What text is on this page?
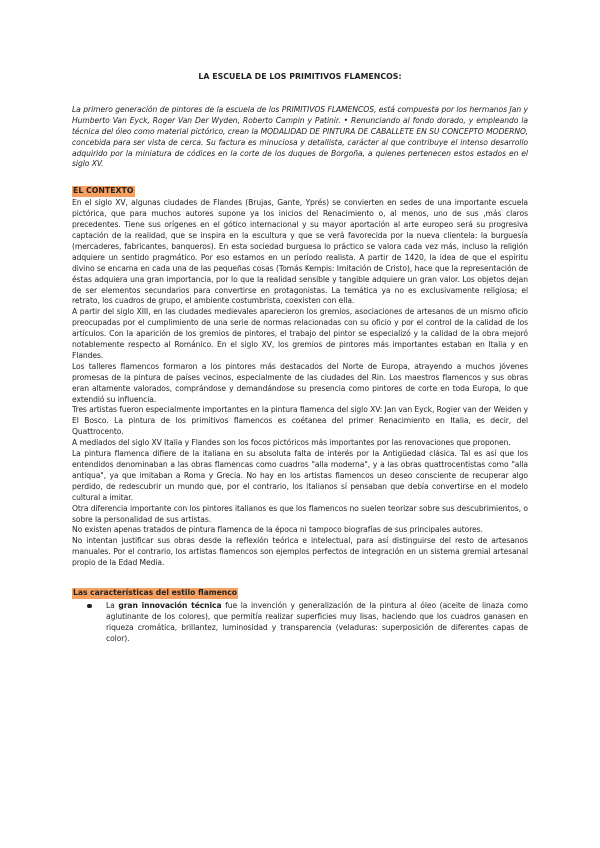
LA ESCUELA DE LOS PRIMITIVOS FLAMENCOS:

La primero generación de pintores de la escuela de los PRIMITIVOS FLAMENCOS, está compuesta por los hermanos Jan y Humberto Van Eyck, Roger Van Der Wyden, Roberto Campin y Patinir. • Renunciando al fondo dorado, y empleando la técnica del óleo como material pictórico, crean la MODALIDAD DE PINTURA DE CABALLETE EN SU CONCEPTO MODERNO, concebida para ser vista de cerca. Su factura es minuciosa y detallista, carácter al que contribuye el intenso desarrollo adquirido por la miniatura de códices en la corte de los duques de Borgoña, a quienes pertenecen estos estados en el siglo XV.

EL CONTEXTO

En el siglo XV, algunas ciudades de Flandes (Brujas, Gante, Yprés) se convierten en sedes de una importante escuela pictórica, que para muchos autores supone ya los inicios del Renacimiento o, al menos, uno de sus ,más claros precedentes. Tiene sus orígenes en el gótico internacional y su mayor aportación al arte europeo será su progresiva captación de la realidad, que se inspira en la escultura y que se verá favorecida por la nueva clientela: la burguesía (mercaderes, fabricantes, banqueros). En esta sociedad burguesa lo práctico se valora cada vez más, incluso la religión adquiere un sentido pragmático. Por eso estamos en un período realista. A partir de 1420, la idea de que el espíritu divino se encarna en cada una de las pequeñas cosas (Tomás Kempis: Imitación de Cristo), hace que la representación de éstas adquiera una gran importancia, por lo que la realidad sensible y tangible adquiere un gran valor. Los objetos dejan de ser elementos secundarios para convertirse en protagonistas. La temática ya no es exclusivamente religiosa; el retrato, los cuadros de grupo, el ambiente costumbrista, coexisten con ella.

A partir del siglo XIII, en las ciudades medievales aparecieron los gremios, asociaciones de artesanos de un mismo oficio preocupadas por el cumplimiento de una serie de normas relacionadas con su oficio y por el control de la calidad de los artículos. Con la aparición de los gremios de pintores, el trabajo del pintor se especializó y la calidad de la obra mejoró notablemente respecto al Románico. En el siglo XV, los gremios de pintores más importantes estaban en Italia y en Flandes.

Los talleres flamencos formaron a los pintores más destacados del Norte de Europa, atrayendo a muchos jóvenes promesas de la pintura de países vecinos, especialmente de las ciudades del Rin. Los maestros flamencos y sus obras eran altamente valorados, comprándose y demandándose su presencia como pintores de corte en toda Europa, lo que extendió su influencia.

Tres artistas fueron especialmente importantes en la pintura flamenca del siglo XV: Jan van Eyck, Rogier van der Weiden y El Bosco. La pintura de los primitivos flamencos es coétanea del primer Renacimiento en Italia, es decir, del Quattrocento.

A mediados del siglo XV Italia y Flandes son los focos pictóricos más importantes por las renovaciones que proponen.

La pintura flamenca difiere de la italiana en su absoluta falta de interés por la Antigüedad clásica. Tal es así que los entendidos denominaban a las obras flamencas como cuadros "alla moderna", y a las obras quattrocentistas como "alla antiqua", ya que imitaban a Roma y Grecia. No hay en los artistas flamencos un deseo consciente de recuperar algo perdido, de redescubrir un mundo que, por el contrario, los italianos sí pensaban que debía convertirse en el modelo cultural a imitar.

Otra diferencia importante con los pintores italianos es que los flamencos no suelen teorizar sobre sus descubrimientos, o sobre la personalidad de sus artistas.

No existen apenas tratados de pintura flamenca de la época ni tampoco biografías de sus principales autores.

No intentan justificar sus obras desde la reflexión teórica e intelectual, para así distinguirse del resto de artesanos manuales. Por el contrario, los artistas flamencos son ejemplos perfectos de integración en un sistema gremial artesanal propio de la Edad Media.

Las características del estilo flamenco
La gran innovación técnica fue la invención y generalización de la pintura al óleo (aceite de linaza como aglutinante de los colores), que permitía realizar superficies muy lisas, haciendo que los cuadros ganasen en riqueza cromática, brillantez, luminosidad y transparencia (veladuras: superposición de diferentes capas de color).
